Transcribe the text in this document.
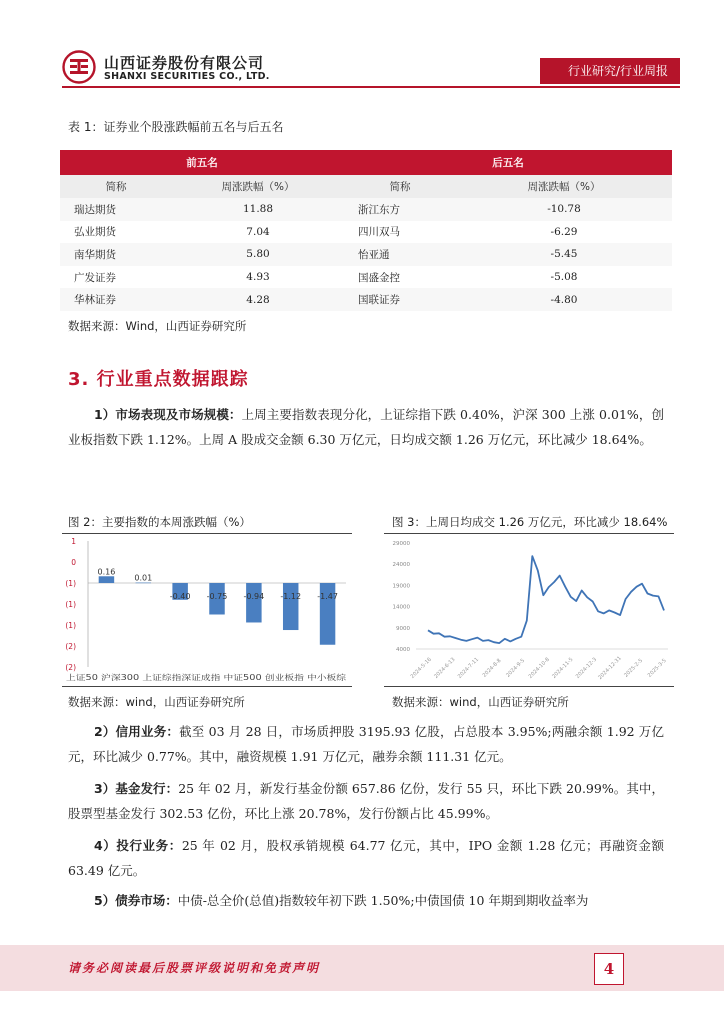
山西证券股份有限公司
SHANXI SECURITIES CO., LTD.	行业研究/行业周报
表 1：证券业个股涨跌幅前五名与后五名
前五名		后五名	
简称	周涨跌幅（%）	简称	周涨跌幅（%）
瑞达期货	11.88	浙江东方	-10.78
弘业期货	7.04	四川双马	-6.29
南华期货	5.80	怡亚通	-5.45
广发证券	4.93	国盛金控	-5.08
华林证券	4.28	国联证券	-4.80
数据来源：Wind，山西证券研究所
3. 行业重点数据跟踪
1）市场表现及市场规模：上周主要指数表现分化，上证综指下跌 0.40%，沪深 300 上涨 0.01%，创业板指数下跌 1.12%。上周 A 股成交金额 6.30 万亿元，日均成交额 1.26 万亿元，环比减少 18.64%。
图 2：主要指数的本周涨跌幅（%）
1
0
(1)
(1)
(1)
(2)
(2)
0.16
0.01
-0.40 -0.75 -0.94 -1.12 -1.47
上证50 沪深300 上证综指深证成指 中证500 创业板指 中小板综
数据来源：wind，山西证券研究所
图 3：上周日均成交 1.26 万亿元，环比减少 18.64%
29000
24000
19000
14000
9000
4000
2024-5-16 2024-6-13 2024-7-11 2024-8-8 2024-9-5 2024-10-8 2024-11-5 2024-12-3 2024-12-31 2025-2-5 2025-3-5
数据来源：wind，山西证券研究所
2）信用业务：截至 03 月 28 日，市场质押股 3195.93 亿股，占总股本 3.95%;两融余额 1.92 万亿元，环比减少 0.77%。其中，融资规模 1.91 万亿元，融券余额 111.31 亿元。
3）基金发行：25 年 02 月，新发行基金份额 657.86 亿份，发行 55 只，环比下跌 20.99%。其中，股票型基金发行 302.53 亿份，环比上涨 20.78%，发行份额占比 45.99%。
4）投行业务：25 年 02 月，股权承销规模 64.77 亿元，其中，IPO 金额 1.28 亿元；再融资金额 63.49 亿元。
5）债券市场：中债-总全价(总值)指数较年初下跌 1.50%;中债国债 10 年期到期收益率为
请务必阅读最后股票评级说明和免责声明	4
